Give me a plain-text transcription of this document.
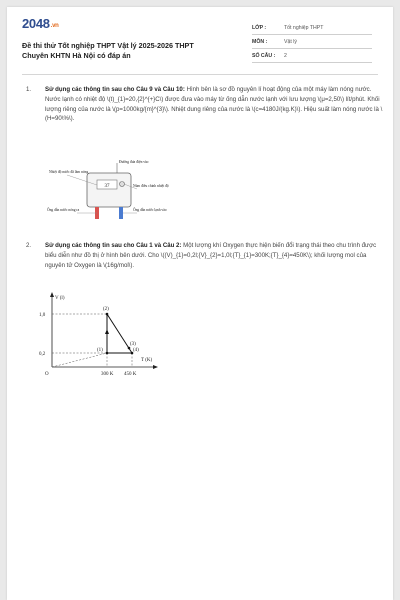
2048.vn
Đề thi thử Tốt nghiệp THPT Vật lý 2025-2026 THPT
Chuyên KHTN Hà Nội có đáp án
LỚP :	Tốt nghiệp THPT
MÔN :	Vật lý
SỐ CÂU :	2
1.	Sử dụng các thông tin sau cho Câu 9 và Câu 10: Hình bên là sơ đồ nguyên lí hoạt động của một máy làm nóng nước. Nước lạnh có nhiệt độ \(t)_{1}=20,{2}^{+}C\) được đưa vào máy từ ống dẫn nước lạnh với lưu lượng \(μ=2,50\) lít/phút. Khối lượng riêng của nước là \(p=1000kg/{m}^{3}\). Nhiệt dung riêng của nước là \(c=4180J/(kg.K)\). Hiệu suất làm nóng nước là \(H=90\%\).
37
Nhiệt độ nước đã làm nóng
Đường đưa điện vào
Núm điều chỉnh nhiệt độ
Ống dẫn nước nóng ra	Ống dẫn nước lạnh vào
2.	Sử dụng các thông tin sau cho Câu 1 và Câu 2: Một lượng khí Oxygen thực hiện biến đổi trạng thái theo chu trình được biểu diễn như đồ thị ở hình bên dưới. Cho \((V)_{1}=0,2l;{V}_{2}=1,0l;{T}_{1}=300K;{T}_{4}=450K\); khối lượng mol của nguyên tử Oxygen là \(16g/mol\).
V (l)
T (K)
O
1,0
0,2
300 K 450 K
(1)
(2)
(3)
(4)
